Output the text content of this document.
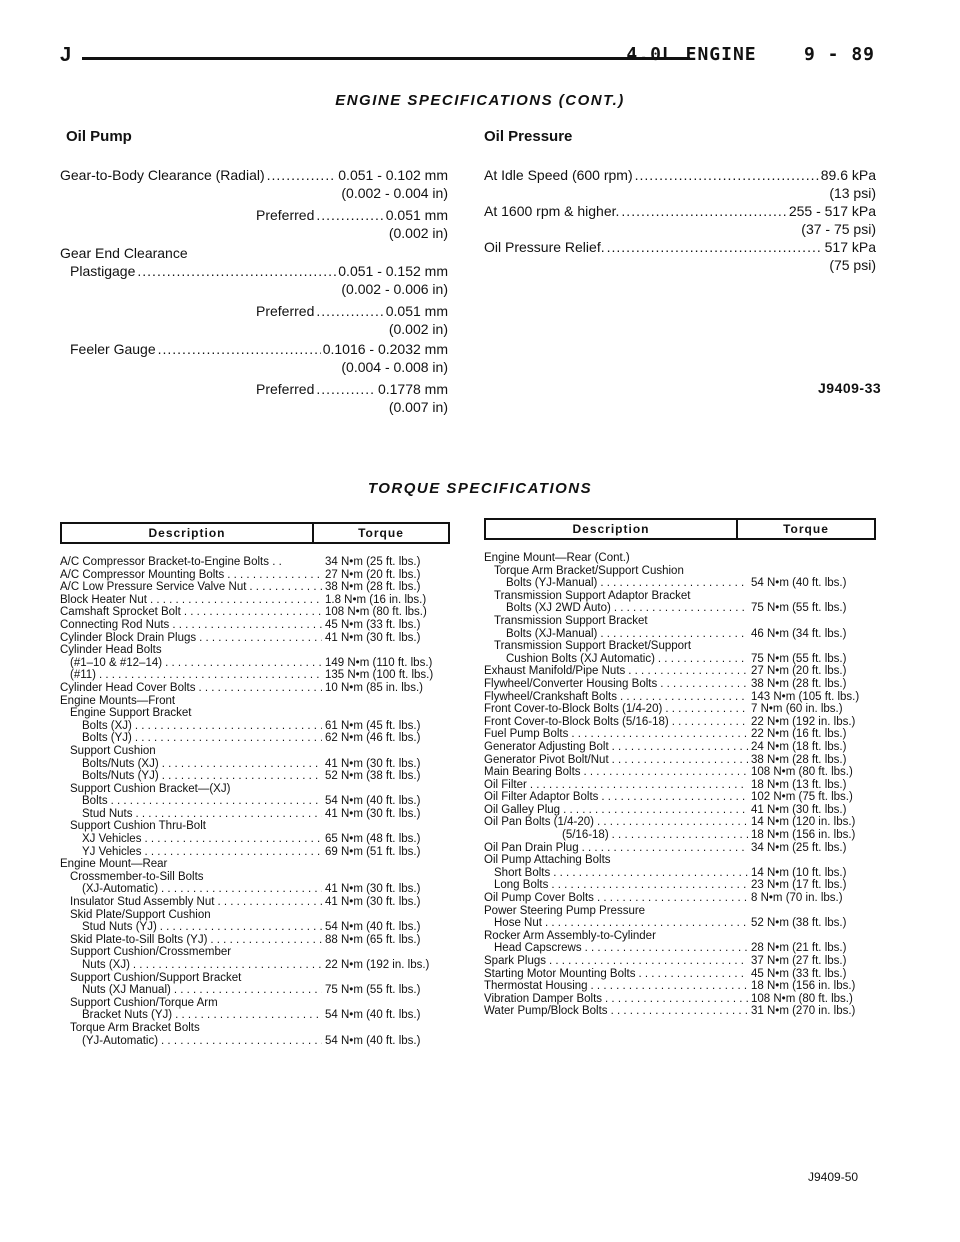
J	4.0L ENGINE    9 - 89
ENGINE SPECIFICATIONS (CONT.)
Oil Pump
Gear-to-Body Clearance (Radial) .....	0.051 - 0.102 mm
(0.002 - 0.004 in)
Preferred .....	0.051 mm
(0.002 in)
Gear End Clearance
Plastigage .....	0.051 - 0.152 mm
(0.002 - 0.006 in)
Preferred .....	0.051 mm
(0.002 in)
Feeler Gauge .....	0.1016 - 0.2032 mm
(0.004 - 0.008 in)
Preferred .....	0.1778 mm
(0.007 in)
Oil Pressure
At Idle Speed (600 rpm) .....	89.6 kPa
(13 psi)
At 1600 rpm & higher. .....	255 - 517 kPa
(37 - 75 psi)
Oil Pressure Relief. .....	517 kPa
(75 psi)
J9409-33
TORQUE SPECIFICATIONS
Description	Torque
A/C Compressor Bracket-to-Engine Bolts . .	34 N•m (25 ft. lbs.)
A/C Compressor Mounting Bolts . . .	27 N•m (20 ft. lbs.)
A/C Low Pressure Service Valve Nut . . .	38 N•m (28 ft. lbs.)
Block Heater Nut . . .	1.8 N•m (16 in. lbs.)
Camshaft Sprocket Bolt . . .	108 N•m (80 ft. lbs.)
Connecting Rod Nuts . . .	45 N•m (33 ft. lbs.)
Cylinder Block Drain Plugs . . .	41 N•m (30 ft. lbs.)
Cylinder Head Bolts
(#1–10 & #12–14) . . .	149 N•m (110 ft. lbs.)
(#11) . . .	135 N•m (100 ft. lbs.)
Cylinder Head Cover Bolts . . .	10 N•m (85 in. lbs.)
Engine Mounts—Front
Engine Support Bracket
Bolts (XJ) . . .	61 N•m (45 ft. lbs.)
Bolts (YJ) . . .	62 N•m (46 ft. lbs.)
Support Cushion
Bolts/Nuts (XJ) . . .	41 N•m (30 ft. lbs.)
Bolts/Nuts (YJ) . . .	52 N•m (38 ft. lbs.)
Support Cushion Bracket—(XJ)
Bolts . . .	54 N•m (40 ft. lbs.)
Stud Nuts . . .	41 N•m (30 ft. lbs.)
Support Cushion Thru-Bolt
XJ Vehicles . . .	65 N•m (48 ft. lbs.)
YJ Vehicles . . .	69 N•m (51 ft. lbs.)
Engine Mount—Rear
Crossmember-to-Sill Bolts
(XJ-Automatic) . . .	41 N•m (30 ft. lbs.)
Insulator Stud Assembly Nut . . .	41 N•m (30 ft. lbs.)
Skid Plate/Support Cushion
Stud Nuts (YJ) . . .	54 N•m (40 ft. lbs.)
Skid Plate-to-Sill Bolts (YJ) . . .	88 N•m (65 ft. lbs.)
Support Cushion/Crossmember
Nuts (XJ) . . .	22 N•m (192 in. lbs.)
Support Cushion/Support Bracket
Nuts (XJ Manual) . . .	75 N•m (55 ft. lbs.)
Support Cushion/Torque Arm
Bracket Nuts (YJ) . . .	54 N•m (40 ft. lbs.)
Torque Arm Bracket Bolts
(YJ-Automatic) . . .	54 N•m (40 ft. lbs.)
Description	Torque
Engine Mount—Rear (Cont.)
Torque Arm Bracket/Support Cushion
Bolts (YJ-Manual) . . .	54 N•m (40 ft. lbs.)
Transmission Support Adaptor Bracket
Bolts (XJ 2WD Auto) . . .	75 N•m (55 ft. lbs.)
Transmission Support Bracket
Bolts (XJ-Manual) . . .	46 N•m (34 ft. lbs.)
Transmission Support Bracket/Support
Cushion Bolts (XJ Automatic) . . .	75 N•m (55 ft. lbs.)
Exhaust Manifold/Pipe Nuts . . .	27 N•m (20 ft. lbs.)
Flywheel/Converter Housing Bolts . . .	38 N•m (28 ft. lbs.)
Flywheel/Crankshaft Bolts . . .	143 N•m (105 ft. lbs.)
Front Cover-to-Block Bolts (1/4-20) . . .	7 N•m (60 in. lbs.)
Front Cover-to-Block Bolts (5/16-18) . . .	22 N•m (192 in. lbs.)
Fuel Pump Bolts . . .	22 N•m (16 ft. lbs.)
Generator Adjusting Bolt . . .	24 N•m (18 ft. lbs.)
Generator Pivot Bolt/Nut . . .	38 N•m (28 ft. lbs.)
Main Bearing Bolts . . .	108 N•m (80 ft. lbs.)
Oil Filter . . .	18 N•m (13 ft. lbs.)
Oil Filter Adaptor Bolts . . .	102 N•m (75 ft. lbs.)
Oil Galley Plug . . .	41 N•m (30 ft. lbs.)
Oil Pan Bolts (1/4-20) . . .	14 N•m (120 in. lbs.)
(5/16-18) . . .	18 N•m (156 in. lbs.)
Oil Pan Drain Plug . . .	34 N•m (25 ft. lbs.)
Oil Pump Attaching Bolts
Short Bolts . . .	14 N•m (10 ft. lbs.)
Long Bolts . . .	23 N•m (17 ft. lbs.)
Oil Pump Cover Bolts . . .	8 N•m (70 in. lbs.)
Power Steering Pump Pressure
Hose Nut . . .	52 N•m (38 ft. lbs.)
Rocker Arm Assembly-to-Cylinder
Head Capscrews . . .	28 N•m (21 ft. lbs.)
Spark Plugs . . .	37 N•m (27 ft. lbs.)
Starting Motor Mounting Bolts . . .	45 N•m (33 ft. lbs.)
Thermostat Housing . . .	18 N•m (156 in. lbs.)
Vibration Damper Bolts . . .	108 N•m (80 ft. lbs.)
Water Pump/Block Bolts . . .	31 N•m (270 in. lbs.)
J9409-50
